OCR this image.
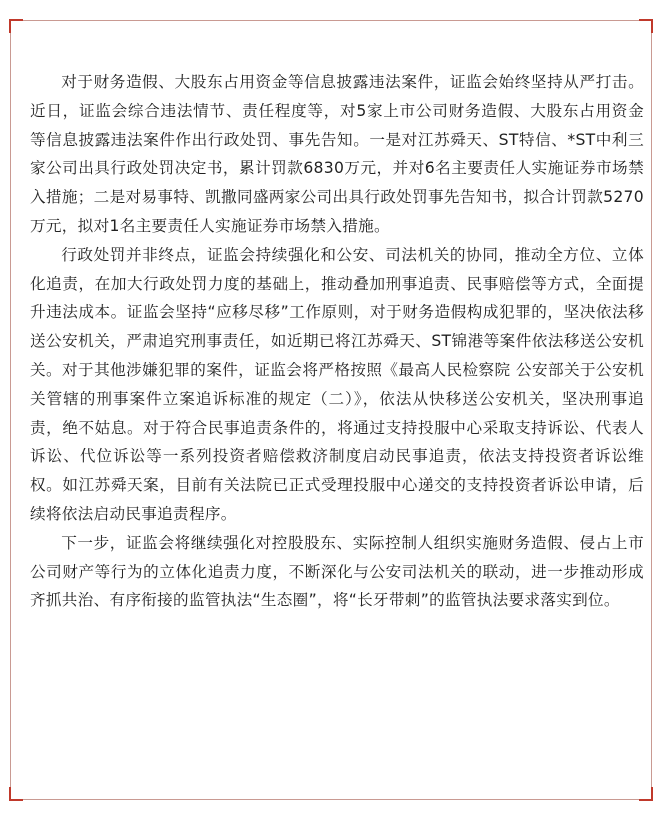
对于财务造假、大股东占用资金等信息披露违法案件，证监会始终坚持从严打击。近日，证监会综合违法情节、责任程度等，对5家上市公司财务造假、大股东占用资金等信息披露违法案件作出行政处罚、事先告知。一是对江苏舜天、ST特信、*ST中利三家公司出具行政处罚决定书，累计罚款6830万元，并对6名主要责任人实施证券市场禁入措施；二是对易事特、凯撒同盛两家公司出具行政处罚事先告知书，拟合计罚款5270万元，拟对1名主要责任人实施证券市场禁入措施。

行政处罚并非终点，证监会持续强化和公安、司法机关的协同，推动全方位、立体化追责，在加大行政处罚力度的基础上，推动叠加刑事追责、民事赔偿等方式，全面提升违法成本。证监会坚持“应移尽移”工作原则，对于财务造假构成犯罪的，坚决依法移送公安机关，严肃追究刑事责任，如近期已将江苏舜天、ST锦港等案件依法移送公安机关。对于其他涉嫌犯罪的案件，证监会将严格按照《最高人民检察院 公安部关于公安机关管辖的刑事案件立案追诉标准的规定（二）》，依法从快移送公安机关，坚决刑事追责，绝不姑息。对于符合民事追责条件的，将通过支持投服中心采取支持诉讼、代表人诉讼、代位诉讼等一系列投资者赔偿救济制度启动民事追责，依法支持投资者诉讼维权。如江苏舜天案，目前有关法院已正式受理投服中心递交的支持投资者诉讼申请，后续将依法启动民事追责程序。

下一步，证监会将继续强化对控股股东、实际控制人组织实施财务造假、侵占上市公司财产等行为的立体化追责力度，不断深化与公安司法机关的联动，进一步推动形成齐抓共治、有序衔接的监管执法“生态圈”，将“长牙带刺”的监管执法要求落实到位。
